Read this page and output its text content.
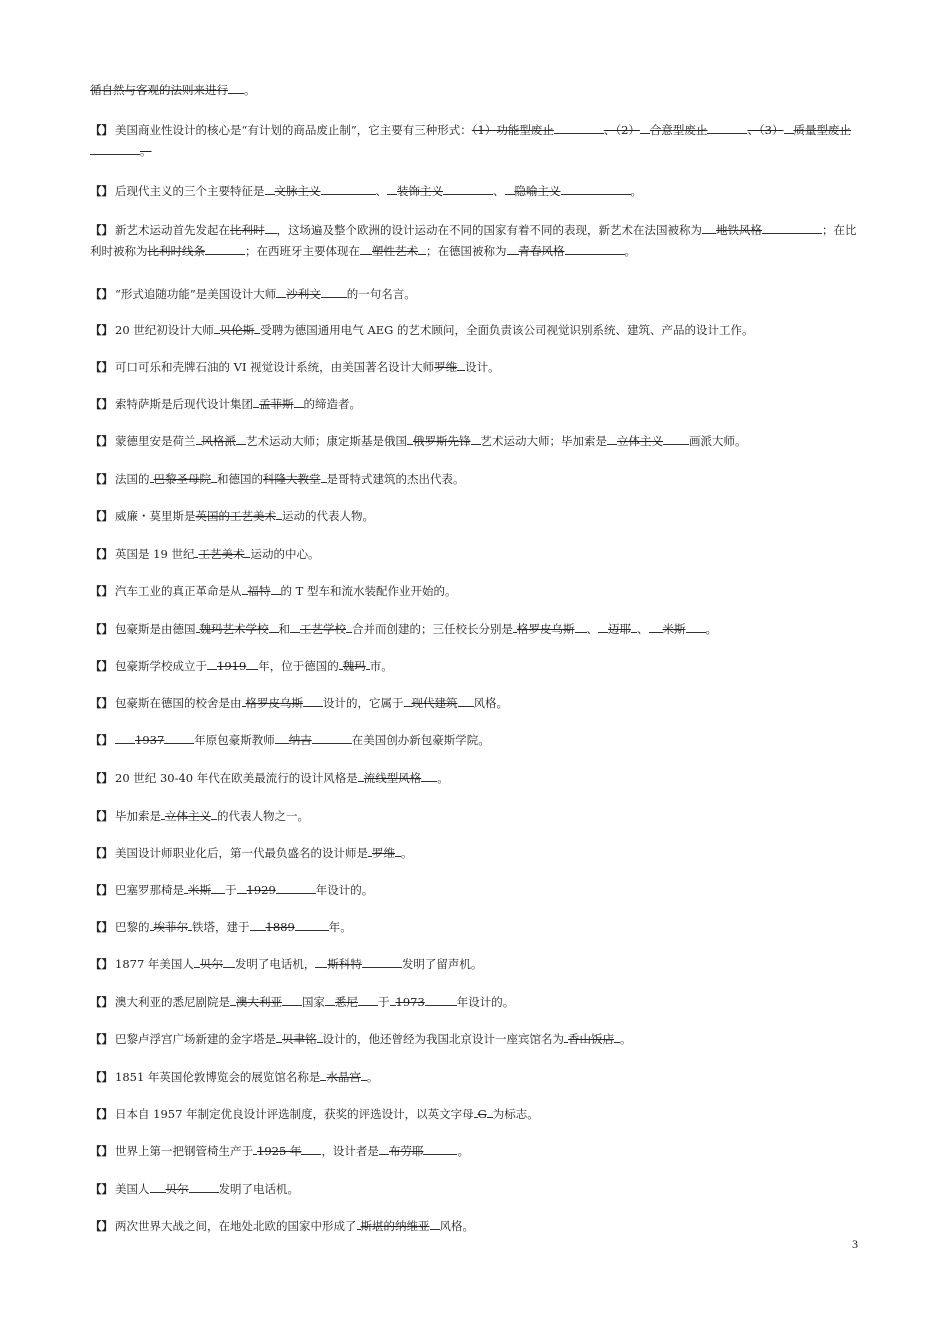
3
循自然与客观的法则来进行 。
【】 美国商业性设计的核心是“有计划的商品废止制”，它主要有三种形式：（1）功能型废止	、（2） 合意型废止	、（3） 质量型废止。
【】 后现代主义的三个主要特征是 文脉主义	、 装饰主义	、 隐喻主义	。
【】 新艺术运动首先发起在比利时 ，这场遍及整个欧洲的设计运动在不同的国家有着不同的表现，新艺术在法国被称为 地铁风格	；在比利时被称为比利时线条	；在西班牙主要体现在 塑性艺术 ；在德国被称为 青春风格	。
【】 “形式追随功能”是美国设计大师 沙利文 的一句名言。
【】 20 世纪初设计大师 贝伦斯 受聘为德国通用电气 AEG 的艺术顾问，全面负责该公司视觉识别系统、建筑、产品的设计工作。
【】 可口可乐和壳牌石油的 VI 视觉设计系统，由美国著名设计大师罗维 设计。
【】 索特萨斯是后现代设计集团 孟菲斯 的缔造者。
【】 蒙德里安是荷兰 风格派 艺术运动大师；康定斯基是俄国 俄罗斯先锋 艺术运动大师；毕加索是 立体主义 画派大师。
【】 法国的 巴黎圣母院 和德国的科隆大教堂 是哥特式建筑的杰出代表。
【】 威廉・莫里斯是英国的工艺美术 运动的代表人物。
【】 英国是 19 世纪 工艺美术 运动的中心。
【】 汽车工业的真正革命是从 福特 的 T 型车和流水装配作业开始的。
【】 包豪斯是由德国 魏玛艺术学校 和 工艺学校 合并而创建的；三任校长分别是 格罗皮乌斯 、 迈耶 、 米斯 。
【】 包豪斯学校成立于 1919 年，位于德国的 魏玛 市。
【】 包豪斯在德国的校舍是由 格罗皮乌斯 设计的，它属于 现代建筑 风格。
【】 1937	年原包豪斯教师 纳吉	在美国创办新包豪斯学院。
【】 20 世纪 30-40 年代在欧美最流行的设计风格是 流线型风格 。
【】 毕加索是 立体主义 的代表人物之一。
【】 美国设计师职业化后，第一代最负盛名的设计师是 罗维 。
【】 巴塞罗那椅是 米斯 于 1929	年设计的。
【】 巴黎的 埃菲尔 铁塔，建于 1889	年。
【】 1877 年美国人 贝尔 发明了电话机， 斯科特	发明了留声机。
【】 澳大利亚的悉尼剧院是 澳大利亚 国家 悉尼 于 1973	年设计的。
【】 巴黎卢浮宫广场新建的金字塔是 贝聿铭 设计的，他还曾经为我国北京设计一座宾馆名为 香山饭店 。
【】 1851 年英国伦敦博览会的展览馆名称是 水晶宫 。
【】 日本自 1957 年制定优良设计评选制度，获奖的评选设计，以英文字母 G 为标志。
【】 世界上第一把钢管椅生产于 1925 年 ，设计者是 布劳耶	。
【】 美国人 贝尔	发明了电话机。
【】 两次世界大战之间，在地处北欧的国家中形成了 斯堪的纳维亚 风格。
